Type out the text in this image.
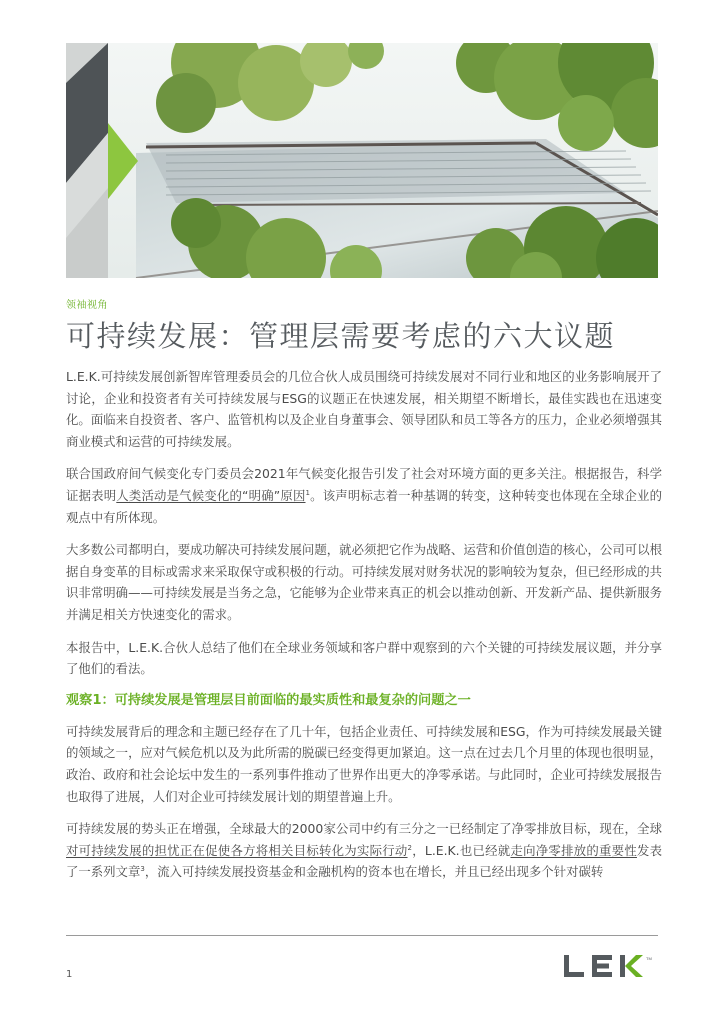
领袖视角
可持续发展：管理层需要考虑的六大议题

L.E.K.可持续发展创新智库管理委员会的几位合伙人成员围绕可持续发展对不同行业和地区的业务影响展开了讨论，企业和投资者有关可持续发展与ESG的议题正在快速发展，相关期望不断增长，最佳实践也在迅速变化。面临来自投资者、客户、监管机构以及企业自身董事会、领导团队和员工等各方的压力，企业必须增强其商业模式和运营的可持续发展。

联合国政府间气候变化专门委员会2021年气候变化报告引发了社会对环境方面的更多关注。根据报告，科学证据表明人类活动是气候变化的“明确”原因$^1$。该声明标志着一种基调的转变，这种转变也体现在全球企业的观点中有所体现。

大多数公司都明白，要成功解决可持续发展问题，就必须把它作为战略、运营和价值创造的核心，公司可以根据自身变革的目标或需求来采取保守或积极的行动。可持续发展对财务状况的影响较为复杂，但已经形成的共识非常明确——可持续发展是当务之急，它能够为企业带来真正的机会以推动创新、开发新产品、提供新服务并满足相关方快速变化的需求。

本报告中，L.E.K.合伙人总结了他们在全球业务领域和客户群中观察到的六个关键的可持续发展议题，并分享了他们的看法。

观察1：可持续发展是管理层目前面临的最实质性和最复杂的问题之一

可持续发展背后的理念和主题已经存在了几十年，包括企业责任、可持续发展和ESG，作为可持续发展最关键的领域之一，应对气候危机以及为此所需的脱碳已经变得更加紧迫。这一点在过去几个月里的体现也很明显，政治、政府和社会论坛中发生的一系列事件推动了世界作出更大的净零承诺。与此同时，企业可持续发展报告也取得了进展，人们对企业可持续发展计划的期望普遍上升。

可持续发展的势头正在增强，全球最大的2000家公司中约有三分之一已经制定了净零排放目标，现在，全球对可持续发展的担忧正在促使各方将相关目标转化为实际行动$^2$，L.E.K.也已经就走向净零排放的重要性发表了一系列文章$^3$，流入可持续发展投资基金和金融机构的资本也在增长，并且已经出现多个针对碳转

1
TM
